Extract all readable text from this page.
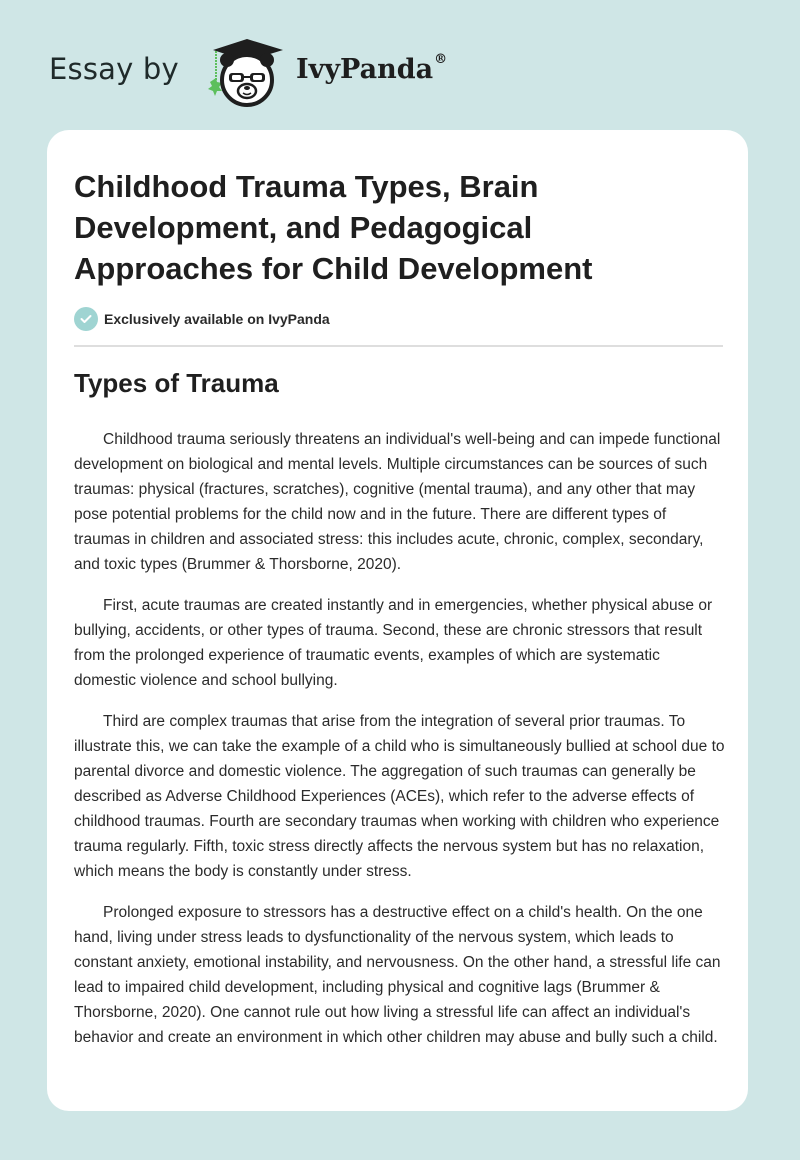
Essay by	IvyPanda®
Childhood Trauma Types, Brain Development, and Pedagogical Approaches for Child Development
Exclusively available on IvyPanda
Types of Trauma

Childhood trauma seriously threatens an individual's well-being and can impede functional development on biological and mental levels. Multiple circumstances can be sources of such traumas: physical (fractures, scratches), cognitive (mental trauma), and any other that may pose potential problems for the child now and in the future. There are different types of traumas in children and associated stress: this includes acute, chronic, complex, secondary, and toxic types (Brummer & Thorsborne, 2020).

First, acute traumas are created instantly and in emergencies, whether physical abuse or bullying, accidents, or other types of trauma. Second, these are chronic stressors that result from the prolonged experience of traumatic events, examples of which are systematic domestic violence and school bullying.

Third are complex traumas that arise from the integration of several prior traumas. To illustrate this, we can take the example of a child who is simultaneously bullied at school due to parental divorce and domestic violence. The aggregation of such traumas can generally be described as Adverse Childhood Experiences (ACEs), which refer to the adverse effects of childhood traumas. Fourth are secondary traumas when working with children who experience trauma regularly. Fifth, toxic stress directly affects the nervous system but has no relaxation, which means the body is constantly under stress.

Prolonged exposure to stressors has a destructive effect on a child's health. On the one hand, living under stress leads to dysfunctionality of the nervous system, which leads to constant anxiety, emotional instability, and nervousness. On the other hand, a stressful life can lead to impaired child development, including physical and cognitive lags (Brummer & Thorsborne, 2020). One cannot rule out how living a stressful life can affect an individual's behavior and create an environment in which other children may abuse and bully such a child.
